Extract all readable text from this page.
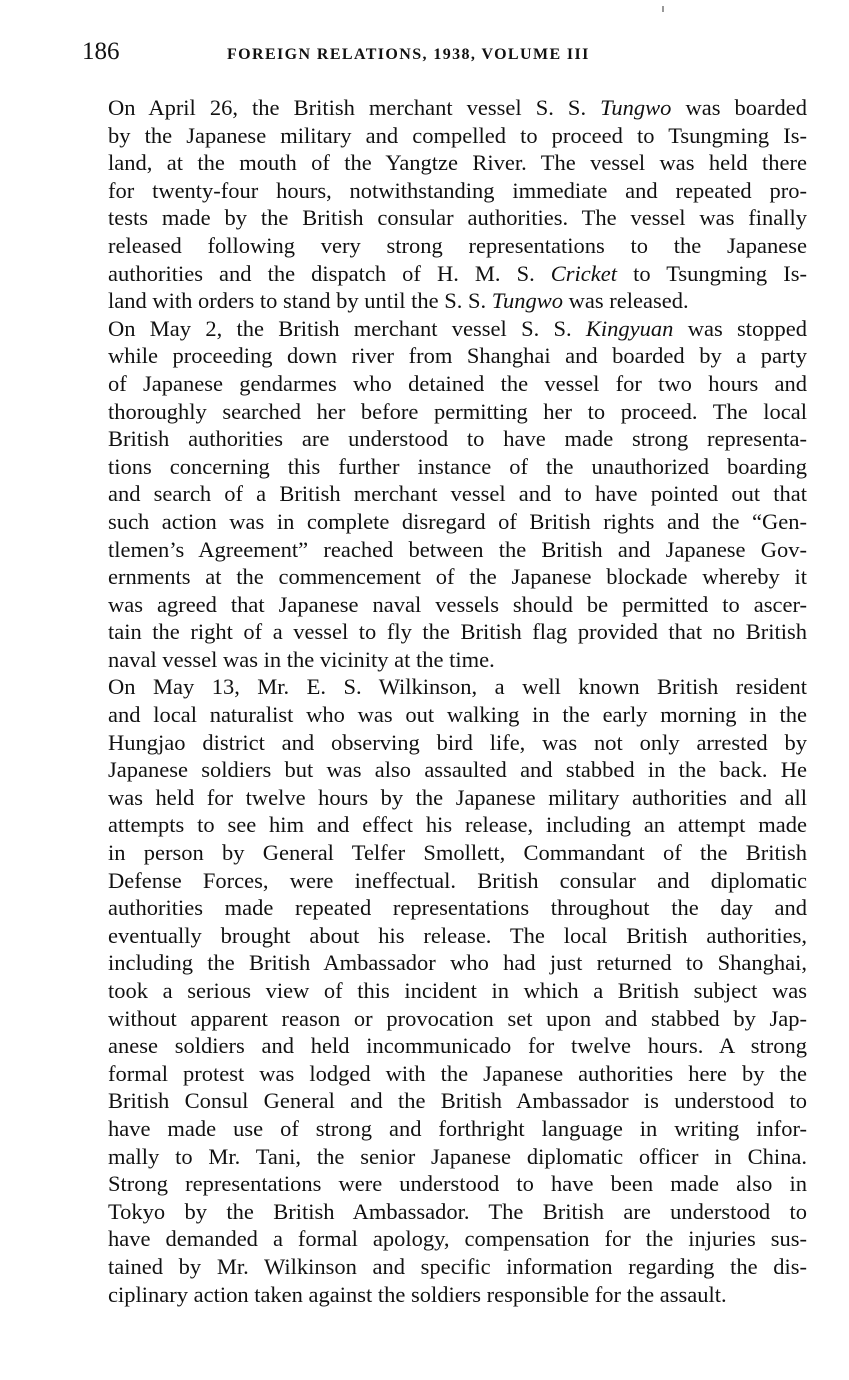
186	FOREIGN RELATIONS, 1938, VOLUME III

On April 26, the British merchant vessel S. S. Tungwo was boarded
by the Japanese military and compelled to proceed to Tsungming Is-
land, at the mouth of the Yangtze River. The vessel was held there
for twenty-four hours, notwithstanding immediate and repeated pro-
tests made by the British consular authorities. The vessel was finally
released following very strong representations to the Japanese
authorities and the dispatch of H. M. S. Cricket to Tsungming Is-
land with orders to stand by until the S. S. Tungwo was released.

On May 2, the British merchant vessel S. S. Kingyuan was stopped
while proceeding down river from Shanghai and boarded by a party
of Japanese gendarmes who detained the vessel for two hours and
thoroughly searched her before permitting her to proceed. The local
British authorities are understood to have made strong representa-
tions concerning this further instance of the unauthorized boarding
and search of a British merchant vessel and to have pointed out that
such action was in complete disregard of British rights and the “Gen-
tlemen’s Agreement” reached between the British and Japanese Gov-
ernments at the commencement of the Japanese blockade whereby it
was agreed that Japanese naval vessels should be permitted to ascer-
tain the right of a vessel to fly the British flag provided that no British
naval vessel was in the vicinity at the time.

On May 13, Mr. E. S. Wilkinson, a well known British resident
and local naturalist who was out walking in the early morning in the
Hungjao district and observing bird life, was not only arrested by
Japanese soldiers but was also assaulted and stabbed in the back. He
was held for twelve hours by the Japanese military authorities and all
attempts to see him and effect his release, including an attempt made
in person by General Telfer Smollett, Commandant of the British
Defense Forces, were ineffectual. British consular and diplomatic
authorities made repeated representations throughout the day and
eventually brought about his release. The local British authorities,
including the British Ambassador who had just returned to Shanghai,
took a serious view of this incident in which a British subject was
without apparent reason or provocation set upon and stabbed by Jap-
anese soldiers and held incommunicado for twelve hours. A strong
formal protest was lodged with the Japanese authorities here by the
British Consul General and the British Ambassador is understood to
have made use of strong and forthright language in writing infor-
mally to Mr. Tani, the senior Japanese diplomatic officer in China.
Strong representations were understood to have been made also in
Tokyo by the British Ambassador. The British are understood to
have demanded a formal apology, compensation for the injuries sus-
tained by Mr. Wilkinson and specific information regarding the dis-
ciplinary action taken against the soldiers responsible for the assault.
